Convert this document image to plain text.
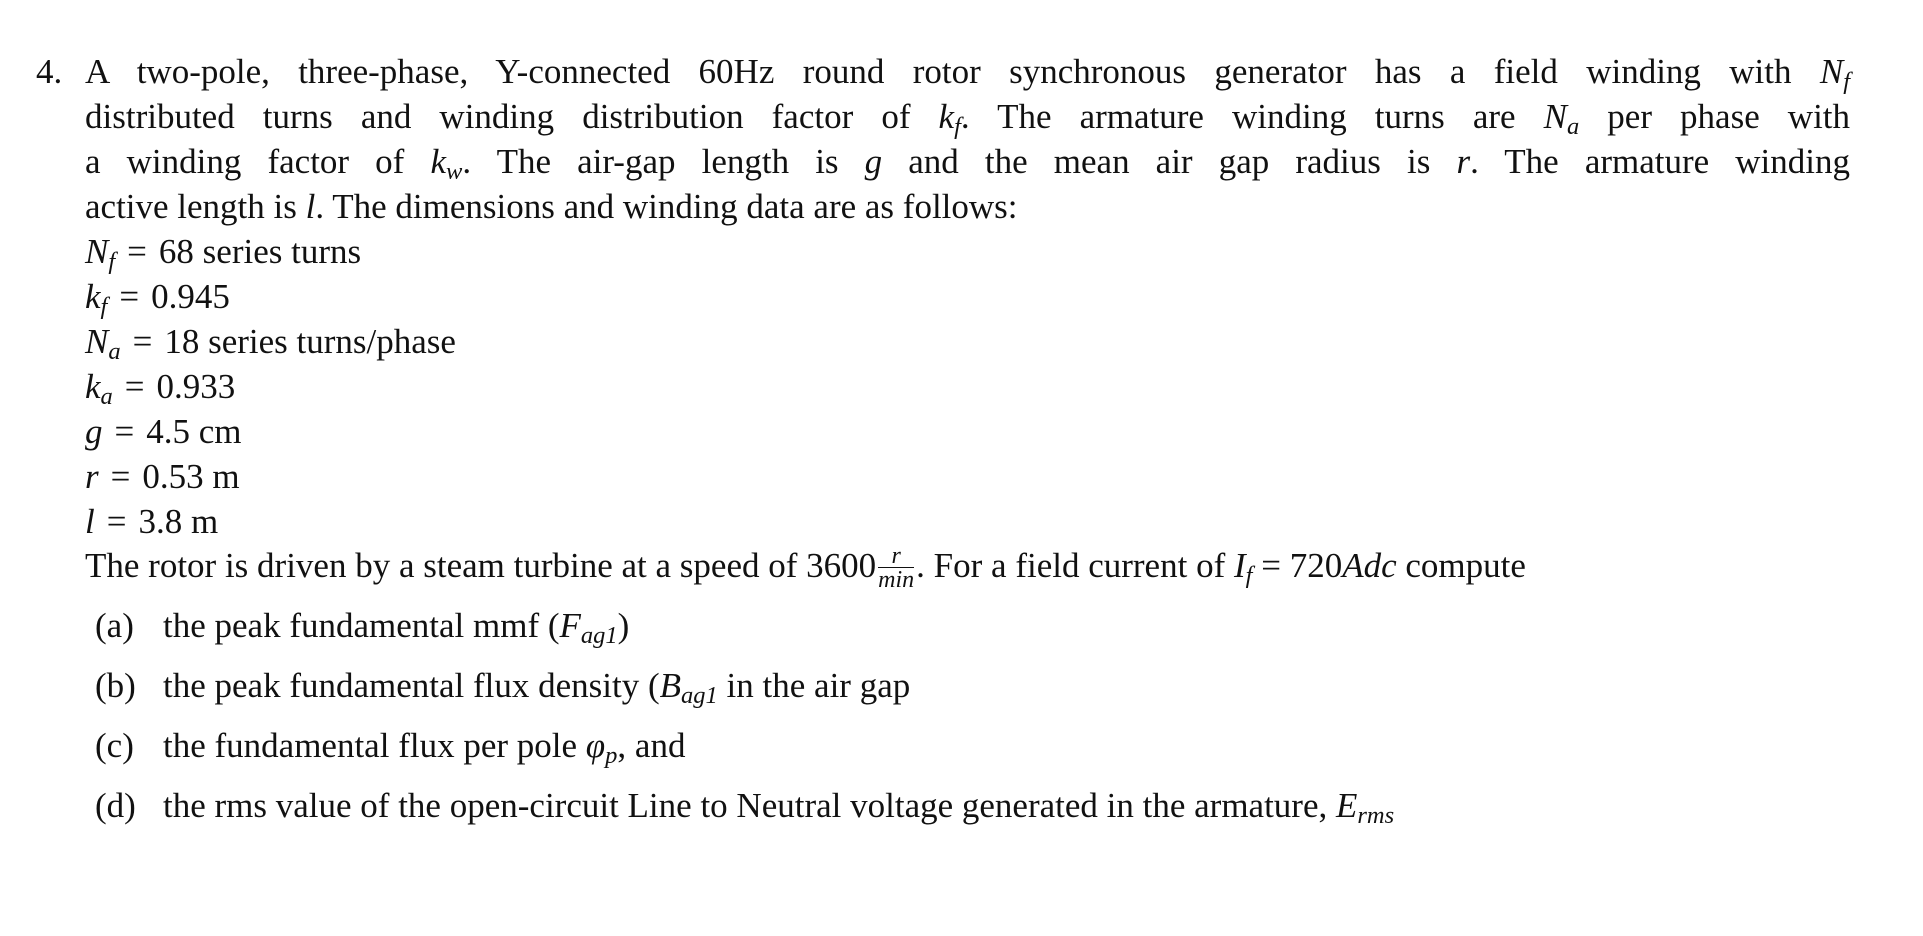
4. A two-pole, three-phase, Y-connected 60Hz round rotor synchronous generator has a field winding with $N_f$
distributed turns and winding distribution factor of $k_f$. The armature winding turns are $N_a$ per phase with
a winding factor of $k_w$. The air-gap length is g and the mean air gap radius is r. The armature winding
active length is l. The dimensions and winding data are as follows:
$N_f = 68$ series turns
$k_f = 0.945$
$N_a = 18$ series turns/phase
$k_a = 0.933$
g = 4.5 cm
r = 0.53 m
l = 3.8 m
The rotor is driven by a steam turbine at a speed of $3600 \frac{r}{\min}$ . For a field current of $I_f = 720Adc$ compute
(a) the peak fundamental mmf $(F_{ag1})$
(b) the peak fundamental flux density ($B_{ag1}$ in the air gap
(c) the fundamental flux per pole $\varphi_p$, and
(d) the rms value of the open-circuit Line to Neutral voltage generated in the armature, $E_{rms}$
